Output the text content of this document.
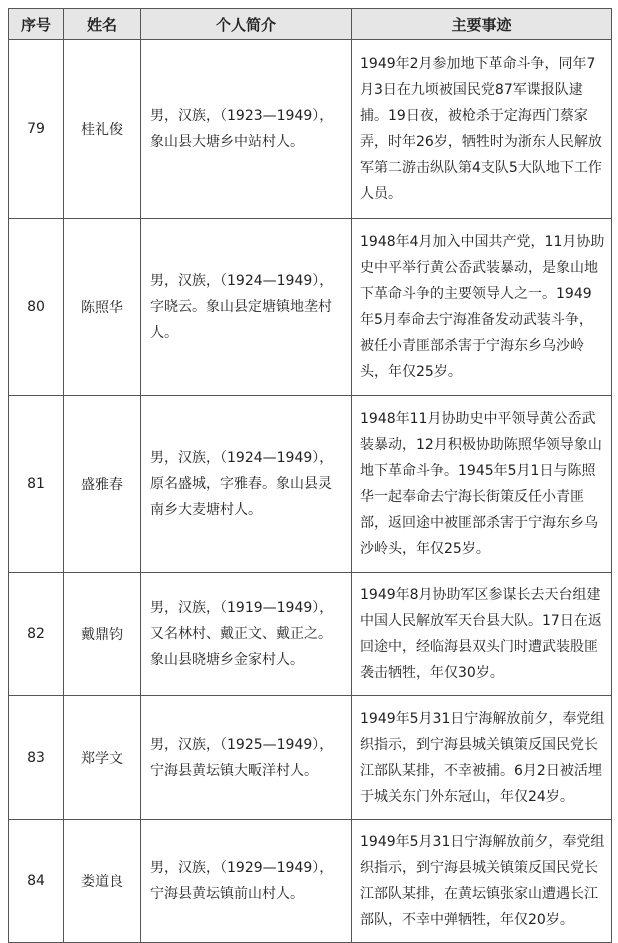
序号	姓名	个人简介	主要事迹
79	桂礼俊	男，汉族，（1923—1949），象山县大塘乡中站村人。	1949年2月参加地下革命斗争，同年7月3日在九顷被国民党87军谍报队逮捕。19日夜，被枪杀于定海西门蔡家弄，时年26岁，牺牲时为浙东人民解放军第二游击纵队第4支队5大队地下工作人员。
80	陈照华	男，汉族，（1924—1949），字晓云。象山县定塘镇地垄村人。	1948年4月加入中国共产党，11月协助史中平举行黄公岙武装暴动，是象山地下革命斗争的主要领导人之一。1949年5月奉命去宁海准备发动武装斗争，被任小青匪部杀害于宁海东乡乌沙岭头，年仅25岁。
81	盛雅春	男，汉族，（1924—1949），原名盛城，字雅春。象山县灵南乡大麦塘村人。	1948年11月协助史中平领导黄公岙武装暴动，12月积极协助陈照华领导象山地下革命斗争。1945年5月1日与陈照华一起奉命去宁海长街策反任小青匪部，返回途中被匪部杀害于宁海东乡乌沙岭头，年仅25岁。
82	戴鼎钧	男，汉族，（1919—1949），又名林村、戴正文、戴正之。象山县晓塘乡金家村人。	1949年8月协助军区参谋长去天台组建中国人民解放军天台县大队。17日在返回途中，经临海县双头门时遭武装股匪袭击牺牲，年仅30岁。
83	郑学文	男，汉族，（1925—1949），宁海县黄坛镇大畈洋村人。	1949年5月31日宁海解放前夕，奉党组织指示，到宁海县城关镇策反国民党长江部队某排，不幸被捕。6月2日被活埋于城关东门外东冠山，年仅24岁。
84	娄道良	男，汉族，（1929—1949），宁海县黄坛镇前山村人。	1949年5月31日宁海解放前夕，奉党组织指示，到宁海县城关镇策反国民党长江部队某排，在黄坛镇张家山遭遇长江部队，不幸中弹牺牲，年仅20岁。
